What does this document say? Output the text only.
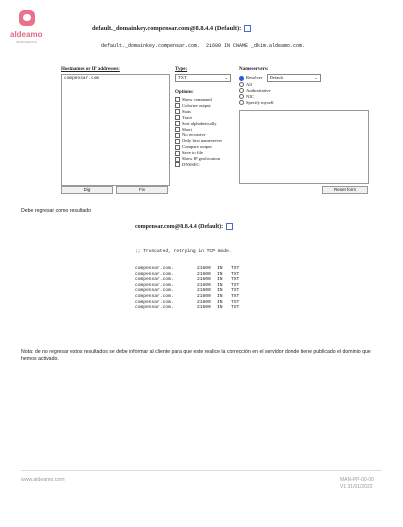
aldeamo
INTELIGENCIA
default._domainkey.compensar.com@8.8.4.4 (Default):
default._domainkey.compensar.com.  21600 IN CNAME _dkim.aldeamo.com.
Hostnames or IP addresses:
compensar.com
Type:
TXT	⌄
Options:
Show command
Colorize output
Stats
Trace
Sort alphabetically
Short
No recursive
Only first nameserver
Compare output
Save to file
Show IP geolocation
DNSSEC
Nameservers:
Resolver Default	⌄
All
Authoritative
NIC
Specify myself
Dig	Fix	Reset form
Debe regresar como resultado
compensar.com@8.8.4.4 (Default):

;; Truncated, retrying in TCP mode.

compensar.com.	21600 IN TXT
compensar.com.	21600 IN TXT
compensar.com.	21600 IN TXT
compensar.com.	21600 IN TXT
compensar.com.	21600 IN TXT
compensar.com.	21600 IN TXT
compensar.com.	21600 IN TXT
compensar.com.	21600 IN TXT

Nota: de no regresar estos resultados se debe informar al cliente para que este realice la corrección en el servidor donde tiene publicado el dominio que hemos activado.
www.aldeamo.com	MAN-PP-00-00
V1 31/01/2022
